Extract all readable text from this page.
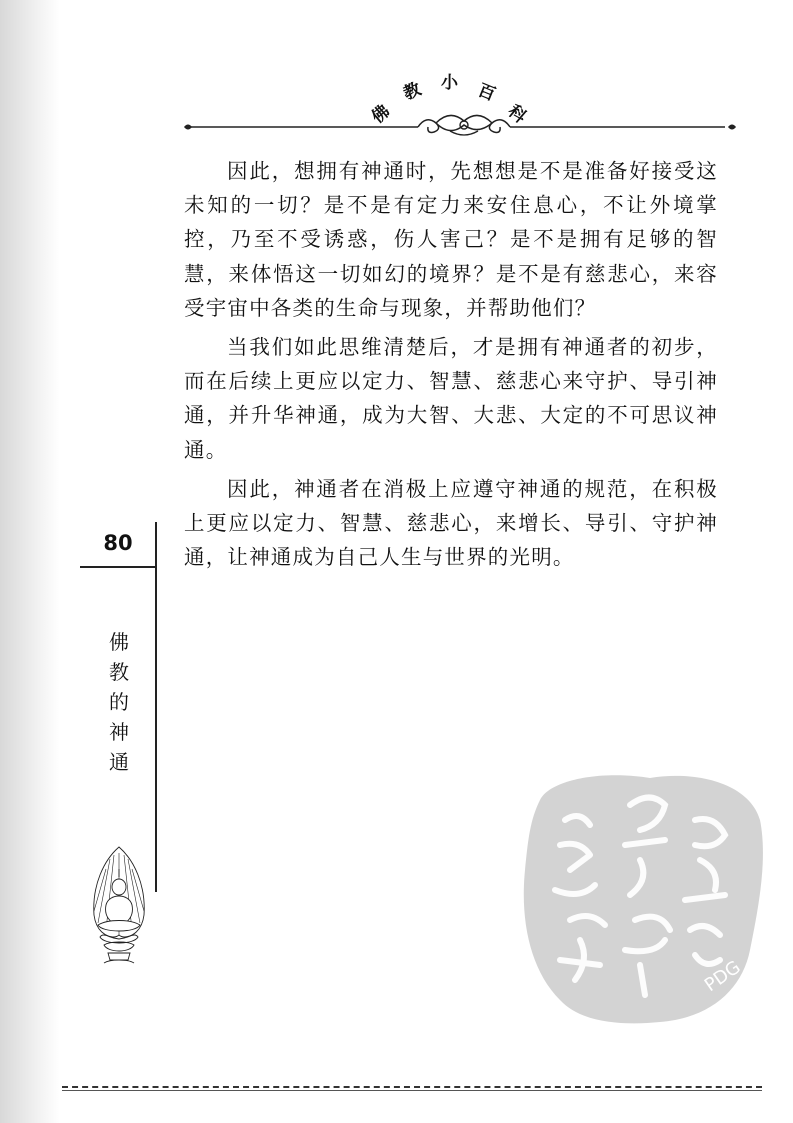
佛
教 小 百
科

因此，想拥有神通时，先想想是不是准备好接受这未知的一切？是不是有定力来安住息心，不让外境掌控，乃至不受诱惑，伤人害己？是不是拥有足够的智慧，来体悟这一切如幻的境界？是不是有慈悲心，来容受宇宙中各类的生命与现象，并帮助他们？

当我们如此思维清楚后，才是拥有神通者的初步，而在后续上更应以定力、智慧、慈悲心来守护、导引神通，并升华神通，成为大智、大悲、大定的不可思议神通。

因此，神通者在消极上应遵守神通的规范，在积极上更应以定力、智慧、慈悲心，来增长、导引、守护神通，让神通成为自己人生与世界的光明。

80
佛
教
的
神
通
PDG
